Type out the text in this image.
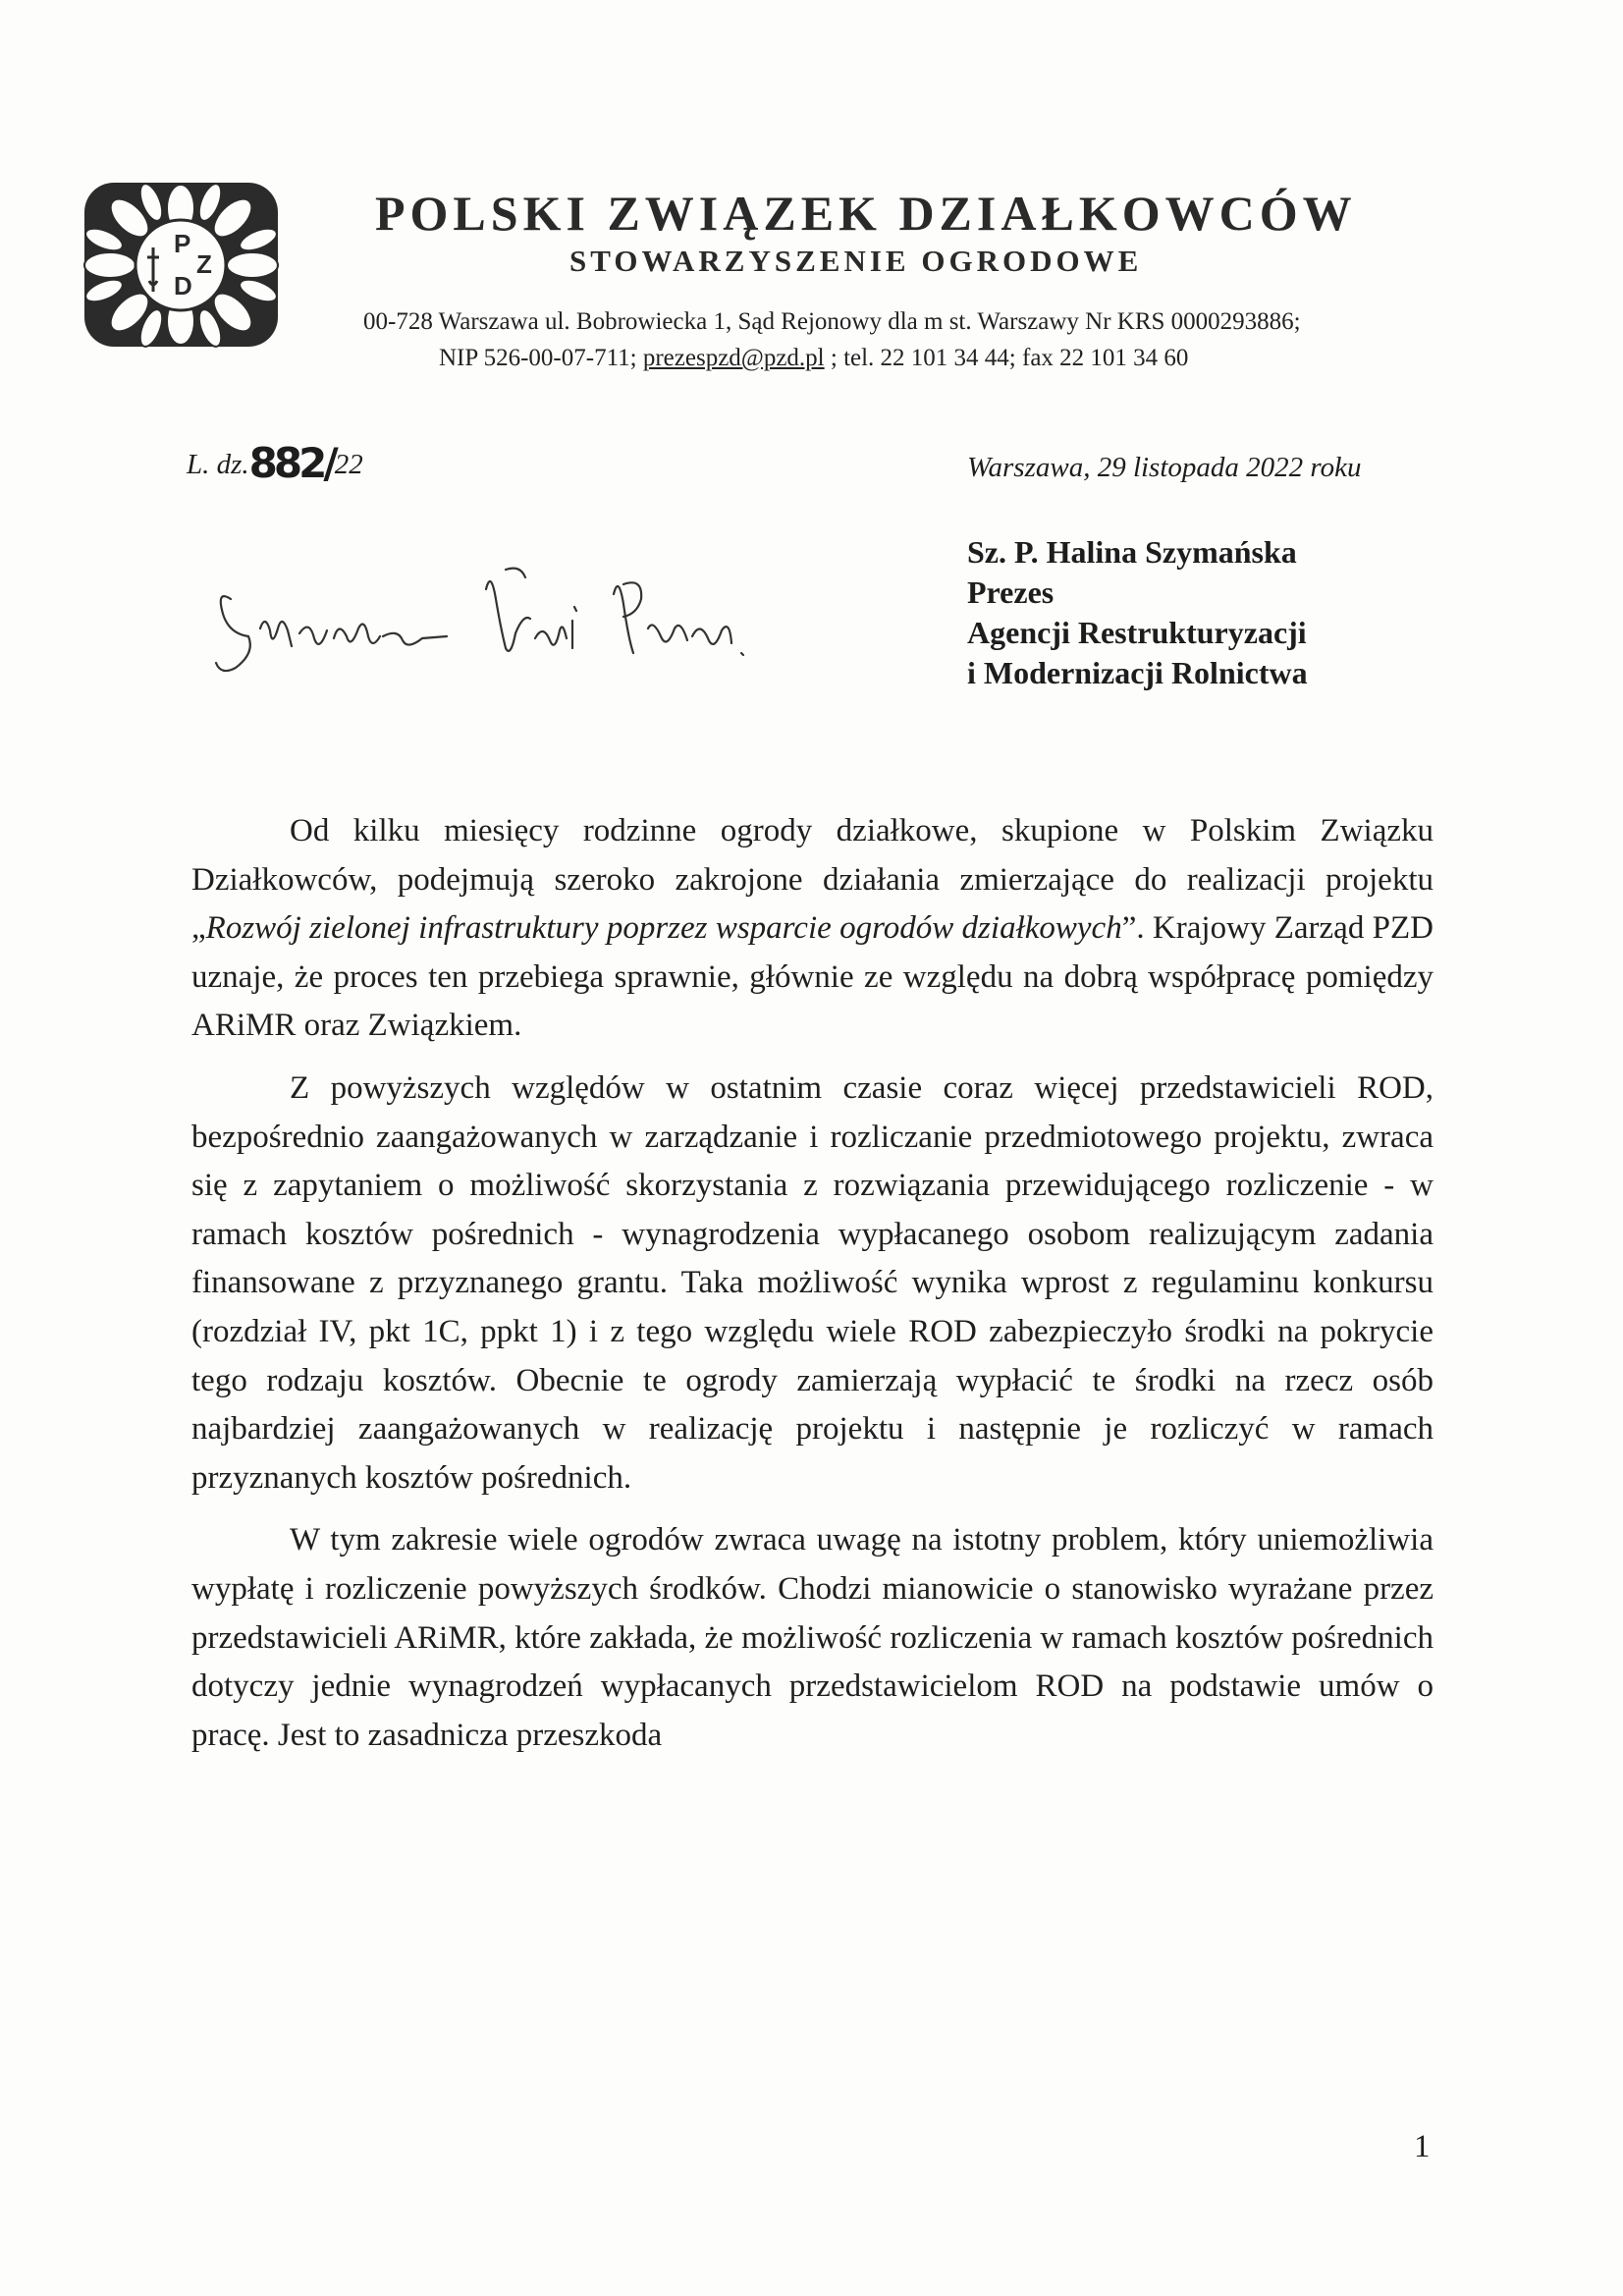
P
Z
D
POLSKI ZWIĄZEK DZIAŁKOWCÓW
STOWARZYSZENIE OGRODOWE
00-728 Warszawa ul. Bobrowiecka 1, Sąd Rejonowy dla m st. Warszawy Nr KRS 0000293886;
NIP 526-00-07-711; prezespzd@pzd.pl ; tel. 22 101 34 44; fax 22 101 34 60
L. dz.882/22	Warszawa, 29 listopada 2022 roku
Sz. P. Halina Szymańska
Prezes
Agencji Restrukturyzacji
i Modernizacji Rolnictwa

Od kilku miesięcy rodzinne ogrody działkowe, skupione w Polskim Związku Działkowców, podejmują szeroko zakrojone działania zmierzające do realizacji projektu „Rozwój zielonej infrastruktury poprzez wsparcie ogrodów działkowych”. Krajowy Zarząd PZD uznaje, że proces ten przebiega sprawnie, głównie ze względu na dobrą współpracę pomiędzy ARiMR oraz Związkiem.

Z powyższych względów w ostatnim czasie coraz więcej przedstawicieli ROD, bezpośrednio zaangażowanych w zarządzanie i rozliczanie przedmiotowego projektu, zwraca się z zapytaniem o możliwość skorzystania z rozwiązania przewidującego rozliczenie - w ramach kosztów pośrednich - wynagrodzenia wypłacanego osobom realizującym zadania finansowane z przyznanego grantu. Taka możliwość wynika wprost z regulaminu konkursu (rozdział IV, pkt 1C, ppkt 1) i z tego względu wiele ROD zabezpieczyło środki na pokrycie tego rodzaju kosztów. Obecnie te ogrody zamierzają wypłacić te środki na rzecz osób najbardziej zaangażowanych w realizację projektu i następnie je rozliczyć w ramach przyznanych kosztów pośrednich.

W tym zakresie wiele ogrodów zwraca uwagę na istotny problem, który uniemożliwia wypłatę i rozliczenie powyższych środków. Chodzi mianowicie o stanowisko wyrażane przez przedstawicieli ARiMR, które zakłada, że możliwość rozliczenia w ramach kosztów pośrednich dotyczy jednie wynagrodzeń wypłacanych przedstawicielom ROD na podstawie umów o pracę. Jest to zasadnicza przeszkoda

1
